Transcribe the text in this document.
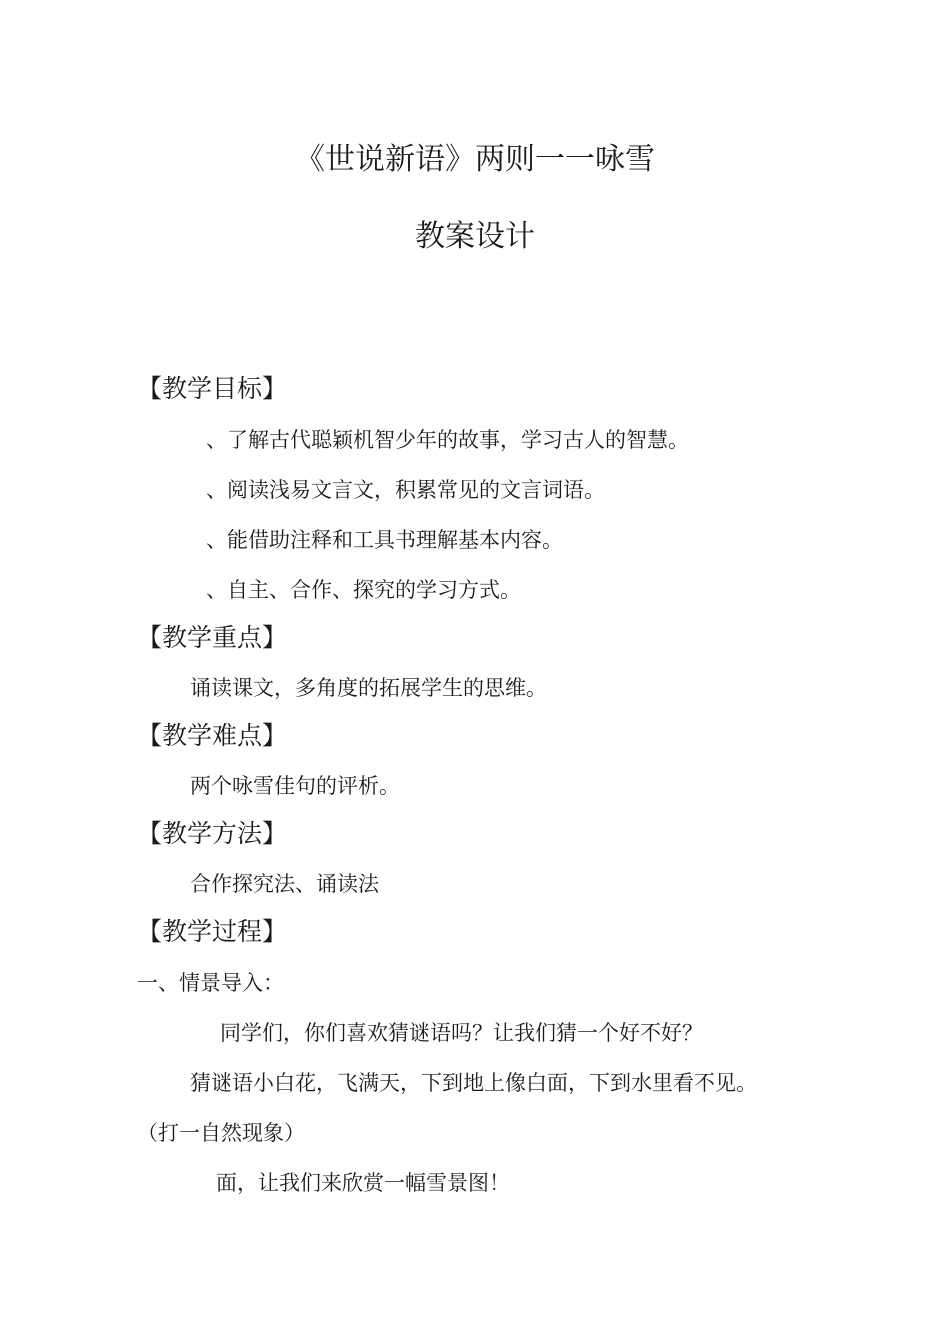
《世说新语》两则一一咏雪
教案设计
【教学目标】
、了解古代聪颖机智少年的故事，学习古人的智慧。
、阅读浅易文言文，积累常见的文言词语。
、能借助注释和工具书理解基本内容。
、自主、合作、探究的学习方式。
【教学重点】
诵读课文，多角度的拓展学生的思维。
【教学难点】
两个咏雪佳句的评析。
【教学方法】
合作探究法、诵读法
【教学过程】
一、情景导入：
同学们，你们喜欢猜谜语吗？让我们猜一个好不好？
猜谜语小白花，飞满天，下到地上像白面，下到水里看不见。
（打一自然现象）
面，让我们来欣赏一幅雪景图！
